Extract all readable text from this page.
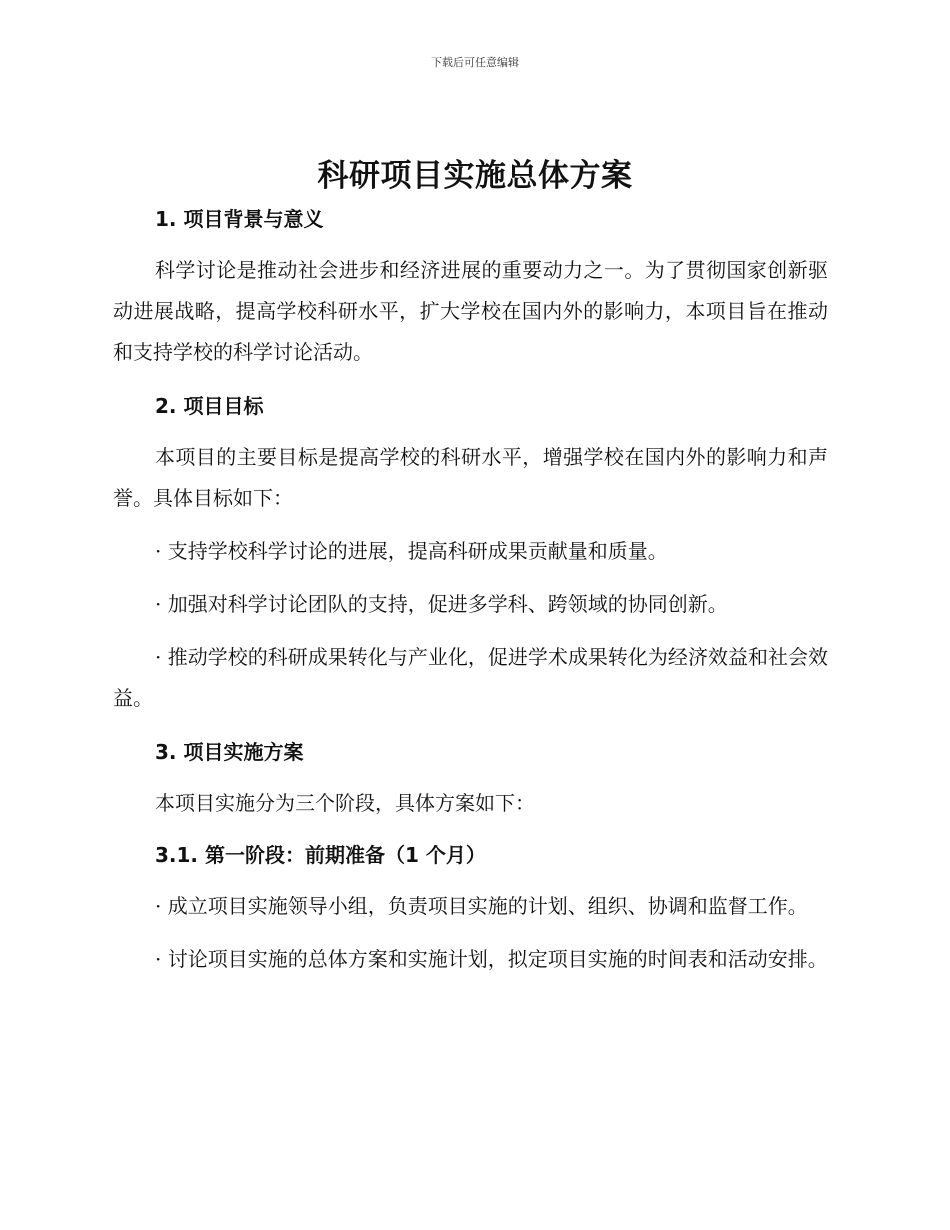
下载后可任意编辑
科研项目实施总体方案
1. 项目背景与意义

科学讨论是推动社会进步和经济进展的重要动力之一。为了贯彻国家创新驱动进展战略，提高学校科研水平，扩大学校在国内外的影响力，本项目旨在推动和支持学校的科学讨论活动。

2. 项目目标

本项目的主要目标是提高学校的科研水平，增强学校在国内外的影响力和声誉。具体目标如下：

· 支持学校科学讨论的进展，提高科研成果贡献量和质量。

· 加强对科学讨论团队的支持，促进多学科、跨领域的协同创新。

· 推动学校的科研成果转化与产业化，促进学术成果转化为经济效益和社会效益。

3. 项目实施方案

本项目实施分为三个阶段，具体方案如下：

3.1. 第一阶段：前期准备（1 个月）

· 成立项目实施领导小组，负责项目实施的计划、组织、协调和监督工作。

· 讨论项目实施的总体方案和实施计划，拟定项目实施的时间表和活动安排。
